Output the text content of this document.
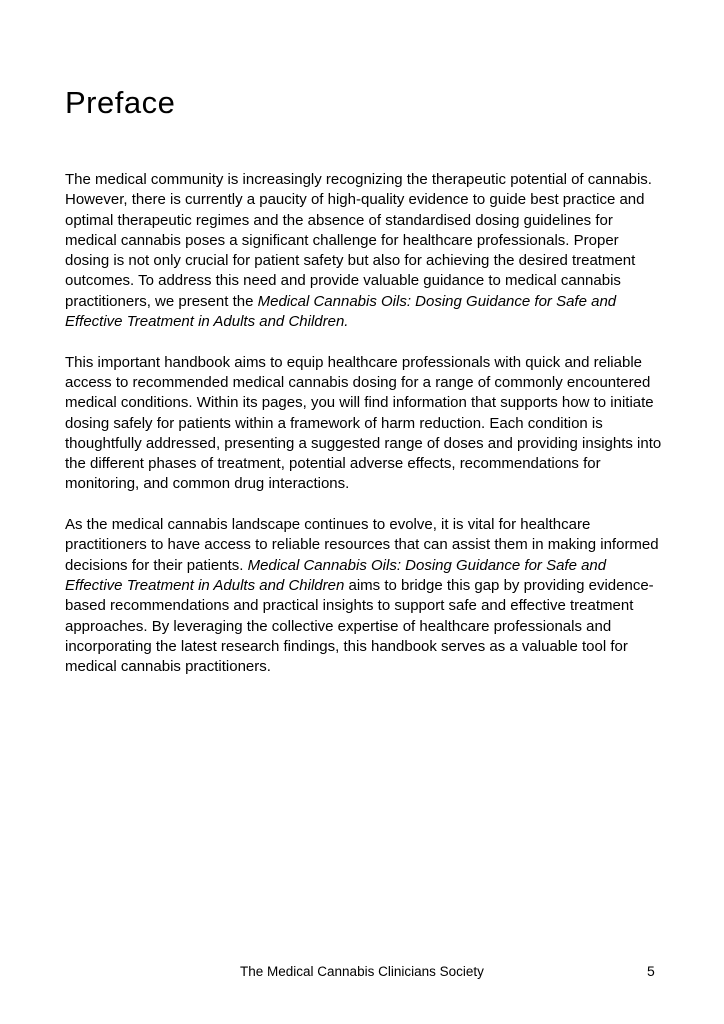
Preface

The medical community is increasingly recognizing the therapeutic potential of cannabis. However, there is currently a paucity of high-quality evidence to guide best practice and optimal therapeutic regimes and the absence of standardised dosing guidelines for medical cannabis poses a significant challenge for healthcare professionals. Proper dosing is not only crucial for patient safety but also for achieving the desired treatment outcomes. To address this need and provide valuable guidance to medical cannabis practitioners, we present the Medical Cannabis Oils: Dosing Guidance for Safe and Effective Treatment in Adults and Children.

This important handbook aims to equip healthcare professionals with quick and reliable access to recommended medical cannabis dosing for a range of commonly encountered medical conditions. Within its pages, you will find information that supports how to initiate dosing safely for patients within a framework of harm reduction. Each condition is thoughtfully addressed, presenting a suggested range of doses and providing insights into the different phases of treatment, potential adverse effects, recommendations for monitoring, and common drug interactions.

As the medical cannabis landscape continues to evolve, it is vital for healthcare practitioners to have access to reliable resources that can assist them in making informed decisions for their patients. Medical Cannabis Oils: Dosing Guidance for Safe and Effective Treatment in Adults and Children aims to bridge this gap by providing evidence-based recommendations and practical insights to support safe and effective treatment approaches. By leveraging the collective expertise of healthcare professionals and incorporating the latest research findings, this handbook serves as a valuable tool for medical cannabis practitioners.

The Medical Cannabis Clinicians Society	5
